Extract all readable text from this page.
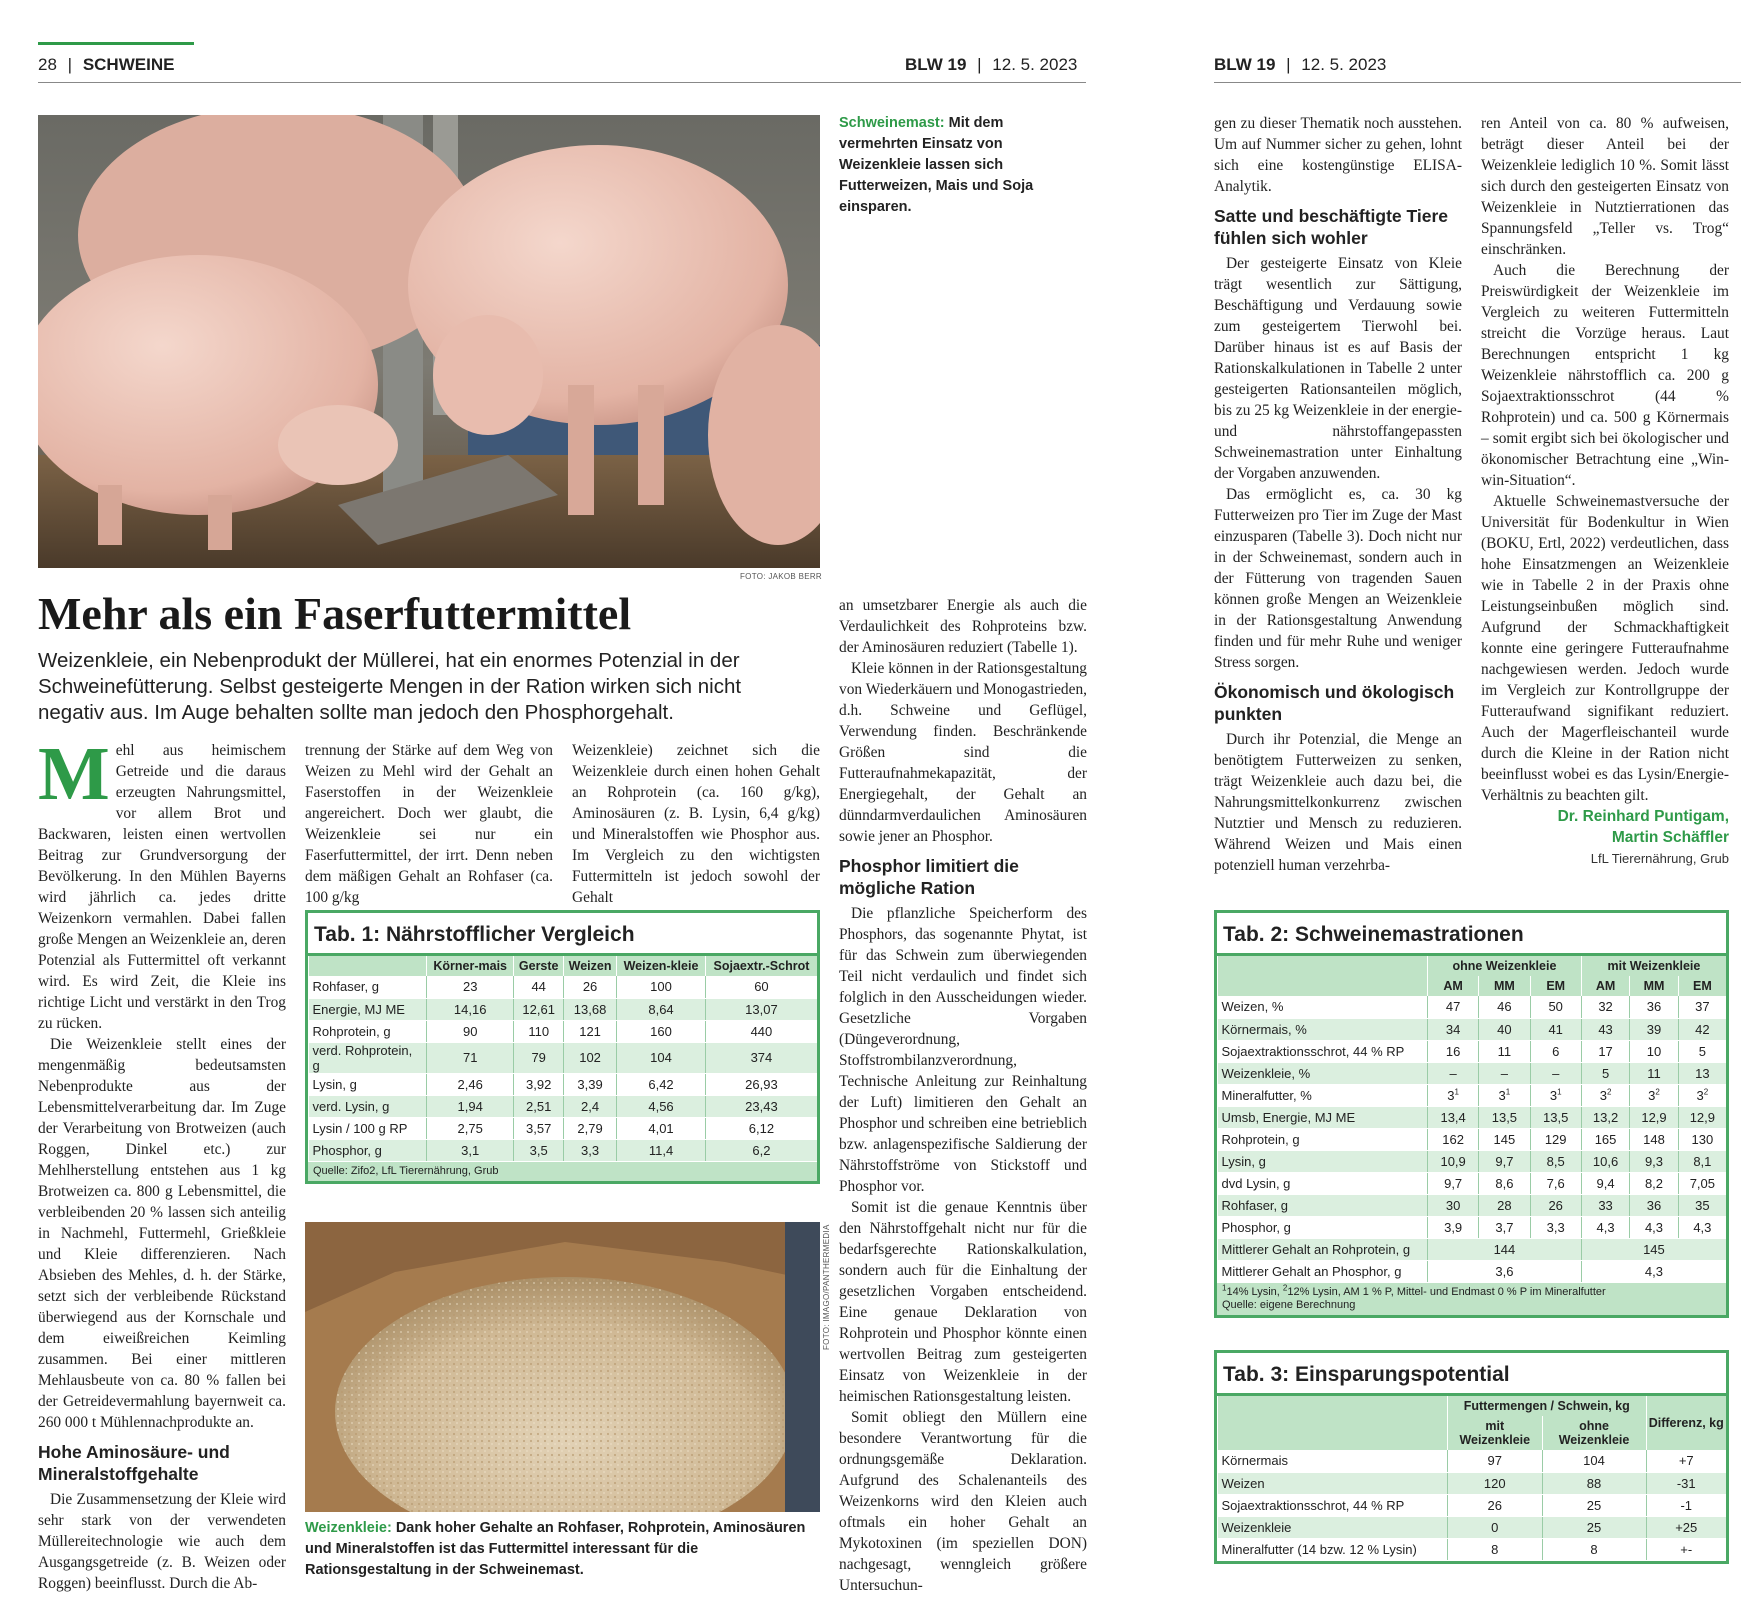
28 | SCHWEINE	BLW 19 | 12. 5. 2023	BLW 19 | 12. 5. 2023
FOTO: JAKOB BERR
Schweinemast: Mit dem vermehrten Einsatz von Weizenkleie lassen sich Futterweizen, Mais und Soja einsparen.
Mehr als ein Faserfuttermittel
Weizenkleie, ein Nebenprodukt der Müllerei, hat ein enormes Potenzial in der Schweinefütterung. Selbst gesteigerte Mengen in der Ration wirken sich nicht negativ aus. Im Auge behalten sollte man jedoch den Phosphorgehalt.

Mehl aus heimischem Getreide und die daraus erzeugten Nahrungsmittel, vor allem Brot und Backwaren, leisten einen wertvollen Beitrag zur Grundversorgung der Bevölkerung. In den Mühlen Bayerns wird jährlich ca. jedes dritte Weizenkorn vermahlen. Dabei fallen große Mengen an Weizenkleie an, deren Potenzial als Futtermittel oft verkannt wird. Es wird Zeit, die Kleie ins richtige Licht und verstärkt in den Trog zu rücken.

Die Weizenkleie stellt eines der mengenmäßig bedeutsamsten Nebenprodukte aus der Lebensmittelverarbeitung dar. Im Zuge der Verarbeitung von Brotweizen (auch Roggen, Dinkel etc.) zur Mehlherstellung entstehen aus 1 kg Brotweizen ca. 800 g Lebensmittel, die verbleibenden 20 % lassen sich anteilig in Nachmehl, Futtermehl, Grießkleie und Kleie differenzieren. Nach Absieben des Mehles, d. h. der Stärke, setzt sich der verbleibende Rückstand überwiegend aus der Kornschale und dem eiweißreichen Keimling zusammen. Bei einer mittleren Mehlausbeute von ca. 80 % fallen bei der Getreidevermahlung bayernweit ca. 260 000 t Mühlennachprodukte an.

Hohe Aminosäure- und Mineralstoffgehalte

Die Zusammensetzung der Kleie wird sehr stark von der verwendeten Müllereitechnologie wie auch dem Ausgangsgetreide (z. B. Weizen oder Roggen) beeinflusst. Durch die Ab-

trennung der Stärke auf dem Weg von Weizen zu Mehl wird der Gehalt an Faserstoffen in der Weizenkleie angereichert. Doch wer glaubt, die Weizenkleie sei nur ein Faserfuttermittel, der irrt. Denn neben dem mäßigen Gehalt an Rohfaser (ca. 100 g/kg

Weizenkleie) zeichnet sich die Weizenkleie durch einen hohen Gehalt an Rohprotein (ca. 160 g/kg), Aminosäuren (z. B. Lysin, 6,4 g/kg) und Mineralstoffen wie Phosphor aus. Im Vergleich zu den wichtigsten Futtermitteln ist jedoch sowohl der Gehalt

Tab. 1: Nährstofflicher Vergleich
	Körner-mais	Gerste	Weizen	Weizen-kleie	Sojaextr.-Schrot
Rohfaser, g	23	44	26	100	60
Energie, MJ ME	14,16	12,61	13,68	8,64	13,07
Rohprotein, g	90	110	121	160	440
verd. Rohprotein, g	71	79	102	104	374
Lysin, g	2,46	3,92	3,39	6,42	26,93
verd. Lysin, g	1,94	2,51	2,4	4,56	23,43
Lysin / 100 g RP	2,75	3,57	2,79	4,01	6,12
Phosphor, g	3,1	3,5	3,3	11,4	6,2
Quelle: Zifo2, LfL Tierernährung, Grub
FOTO: IMAGO/PANTHERMEDIA
Weizenkleie: Dank hoher Gehalte an Rohfaser, Rohprotein, Aminosäuren und Mineralstoffen ist das Futtermittel interessant für die Rationsgestaltung in der Schweinemast.

an umsetzbarer Energie als auch die Verdaulichkeit des Rohproteins bzw. der Aminosäuren reduziert (Tabelle 1).

Kleie können in der Rationsgestaltung von Wiederkäuern und Monogastrieden, d.h. Schweine und Geflügel, Verwendung finden. Beschränkende Größen sind die Futteraufnahmekapazität, der Energiegehalt, der Gehalt an dünndarmverdaulichen Aminosäuren sowie jener an Phosphor.

Phosphor limitiert die mögliche Ration

Die pflanzliche Speicherform des Phosphors, das sogenannte Phytat, ist für das Schwein zum überwiegenden Teil nicht verdaulich und findet sich folglich in den Ausscheidungen wieder. Gesetzliche Vorgaben (Düngeverordnung, Stoffstrombilanzverordnung, Technische Anleitung zur Reinhaltung der Luft) limitieren den Gehalt an Phosphor und schreiben eine betrieblich bzw. anlagenspezifische Saldierung der Nährstoffströme von Stickstoff und Phosphor vor.

Somit ist die genaue Kenntnis über den Nährstoffgehalt nicht nur für die bedarfsgerechte Rationskalkulation, sondern auch für die Einhaltung der gesetzlichen Vorgaben entscheidend. Eine genaue Deklaration von Rohprotein und Phosphor könnte einen wertvollen Beitrag zum gesteigerten Einsatz von Weizenkleie in der heimischen Rationsgestaltung leisten.

Somit obliegt den Müllern eine besondere Verantwortung für die ordnungsgemäße Deklaration. Aufgrund des Schalenanteils des Weizenkorns wird den Kleien auch oftmals ein hoher Gehalt an Mykotoxinen (im speziellen DON) nachgesagt, wenngleich größere Untersuchun-

gen zu dieser Thematik noch ausstehen. Um auf Nummer sicher zu gehen, lohnt sich eine kostengünstige ELISA-Analytik.

Satte und beschäftigte Tiere fühlen sich wohler

Der gesteigerte Einsatz von Kleie trägt wesentlich zur Sättigung, Beschäftigung und Verdauung sowie zum gesteigertem Tierwohl bei. Darüber hinaus ist es auf Basis der Rationskalkulationen in Tabelle 2 unter gesteigerten Rationsanteilen möglich, bis zu 25 kg Weizenkleie in der energie- und nährstoffangepassten Schweinemastration unter Einhaltung der Vorgaben anzuwenden.

Das ermöglicht es, ca. 30 kg Futterweizen pro Tier im Zuge der Mast einzusparen (Tabelle 3). Doch nicht nur in der Schweinemast, sondern auch in der Fütterung von tragenden Sauen können große Mengen an Weizenkleie in der Rationsgestaltung Anwendung finden und für mehr Ruhe und weniger Stress sorgen.

Ökonomisch und ökologisch punkten

Durch ihr Potenzial, die Menge an benötigtem Futterweizen zu senken, trägt Weizenkleie auch dazu bei, die Nahrungsmittelkonkurrenz zwischen Nutztier und Mensch zu reduzieren. Während Weizen und Mais einen potenziell human verzehrba-

ren Anteil von ca. 80 % aufweisen, beträgt dieser Anteil bei der Weizenkleie lediglich 10 %. Somit lässt sich durch den gesteigerten Einsatz von Weizenkleie in Nutztierrationen das Spannungsfeld „Teller vs. Trog“ einschränken.

Auch die Berechnung der Preiswürdigkeit der Weizenkleie im Vergleich zu weiteren Futtermitteln streicht die Vorzüge heraus. Laut Berechnungen entspricht 1 kg Weizenkleie nährstofflich ca. 200 g Sojaextraktionsschrot (44 % Rohprotein) und ca. 500 g Körnermais – somit ergibt sich bei ökologischer und ökonomischer Betrachtung eine „Win-win-Situation“.

Aktuelle Schweinemastversuche der Universität für Bodenkultur in Wien (BOKU, Ertl, 2022) verdeutlichen, dass hohe Einsatzmengen an Weizenkleie wie in Tabelle 2 in der Praxis ohne Leistungseinbußen möglich sind. Aufgrund der Schmackhaftigkeit konnte eine geringere Futteraufnahme nachgewiesen werden. Jedoch wurde im Vergleich zur Kontrollgruppe der Futteraufwand signifikant reduziert. Auch der Magerfleischanteil wurde durch die Kleine in der Ration nicht beeinflusst wobei es das Lysin/Energie-Verhältnis zu beachten gilt.

Dr. Reinhard Puntigam,
Martin Schäffler
LfL Tierernährung, Grub
Tab. 2: Schweinemastrationen
	ohne Weizenkleie			mit Weizenkleie		
	AM	MM	EM	AM	MM	EM
Weizen, %	47	46	50	32	36	37
Körnermais, %	34	40	41	43	39	42
Sojaextraktionsschrot, 44 % RP	16	11	6	17	10	5
Weizenkleie, %	–	–	–	5	11	13
Mineralfutter, %	$3^1$	$3^1$	$3^1$	$3^2$	$3^2$	$3^2$
Umsb, Energie, MJ ME	13,4	13,5	13,5	13,2	12,9	12,9
Rohprotein, g	162	145	129	165	148	130
Lysin, g	10,9	9,7	8,5	10,6	9,3	8,1
dvd Lysin, g	9,7	8,6	7,6	9,4	8,2	7,05
Rohfaser, g	30	28	26	33	36	35
Phosphor, g	3,9	3,7	3,3	4,3	4,3	4,3
Mittlerer Gehalt an Rohprotein, g	144			145		
Mittlerer Gehalt an Phosphor, g	3,6			4,3		
$^1$14% Lysin, $^2$12% Lysin, AM 1 % P, Mittel- und Endmast 0 % P im Mineralfutter
Quelle: eigene Berechnung
Tab. 3: Einsparungspotential
	Futtermengen / Schwein, kg		Differenz, kg
	mit Weizenkleie	ohne Weizenkleie	
Körnermais	97	104	+7
Weizen	120	88	-31
Sojaextraktionsschrot, 44 % RP	26	25	-1
Weizenkleie	0	25	+25
Mineralfutter (14 bzw. 12 % Lysin)	8	8	+-
